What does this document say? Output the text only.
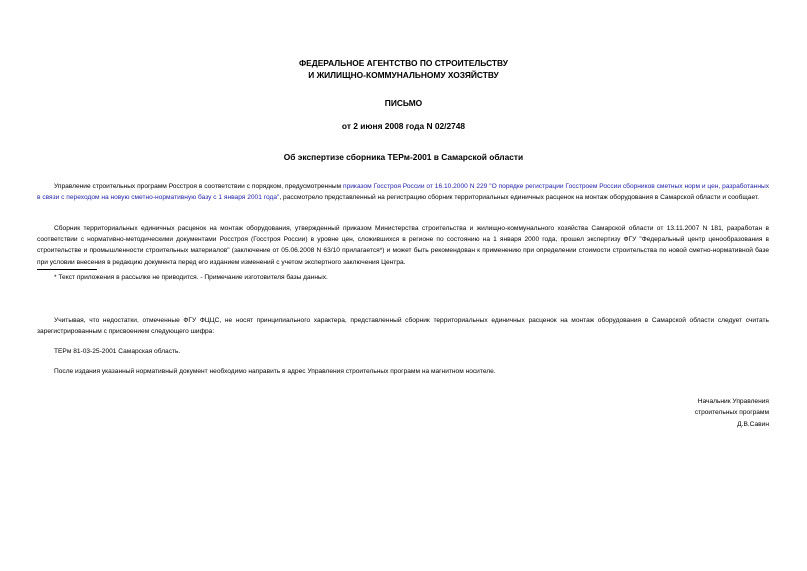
ФЕДЕРАЛЬНОЕ АГЕНТСТВО ПО СТРОИТЕЛЬСТВУ
И ЖИЛИЩНО-КОММУНАЛЬНОМУ ХОЗЯЙСТВУ
ПИСЬМО
от 2 июня 2008 года N 02/2748
Об экспертизе сборника ТЕРм-2001 в Самарской области

Управление строительных программ Росстроя в соответствии с порядком, предусмотренным приказом Госстроя России от 16.10.2000 N 229 "О порядке регистрации Госстроем России сборников сметных норм и цен, разработанных в связи с переходом на новую сметно-нормативную базу с 1 января 2001 года", рассмотрело представленный на регистрацию сборник территориальных единичных расценок на монтаж оборудования в Самарской области и сообщает.

Сборник территориальных единичных расценок на монтаж оборудования, утвержденный приказом Министерства строительства и жилищно-коммунального хозяйства Самарской области от 13.11.2007 N 181, разработан в соответствии с нормативно-методическими документами Росстроя (Госстроя России) в уровне цен, сложившихся в регионе по состоянию на 1 января 2000 года, прошел экспертизу ФГУ "Федеральный центр ценообразования в строительстве и промышленности строительных материалов" (заключение от 05.06.2008 N 63/10 прилагается*) и может быть рекомендован к применению при определении стоимости строительства по новой сметно-нормативной базе при условии внесения в редакцию документа перед его изданием изменений с учетом экспертного заключения Центра.

* Текст приложения в рассылке не приводится. - Примечание изготовителя базы данных.

Учитывая, что недостатки, отмеченные ФГУ ФЦЦС, не носят принципиального характера, представленный сборник территориальных единичных расценок на монтаж оборудования в Самарской области следует считать зарегистрированным с присвоением следующего шифра:

ТЕРм 81-03-25-2001 Самарская область.

После издания указанный нормативный документ необходимо направить в адрес Управления строительных программ на магнитном носителе.

Начальник Управления
строительных программ
Д.В.Савин
